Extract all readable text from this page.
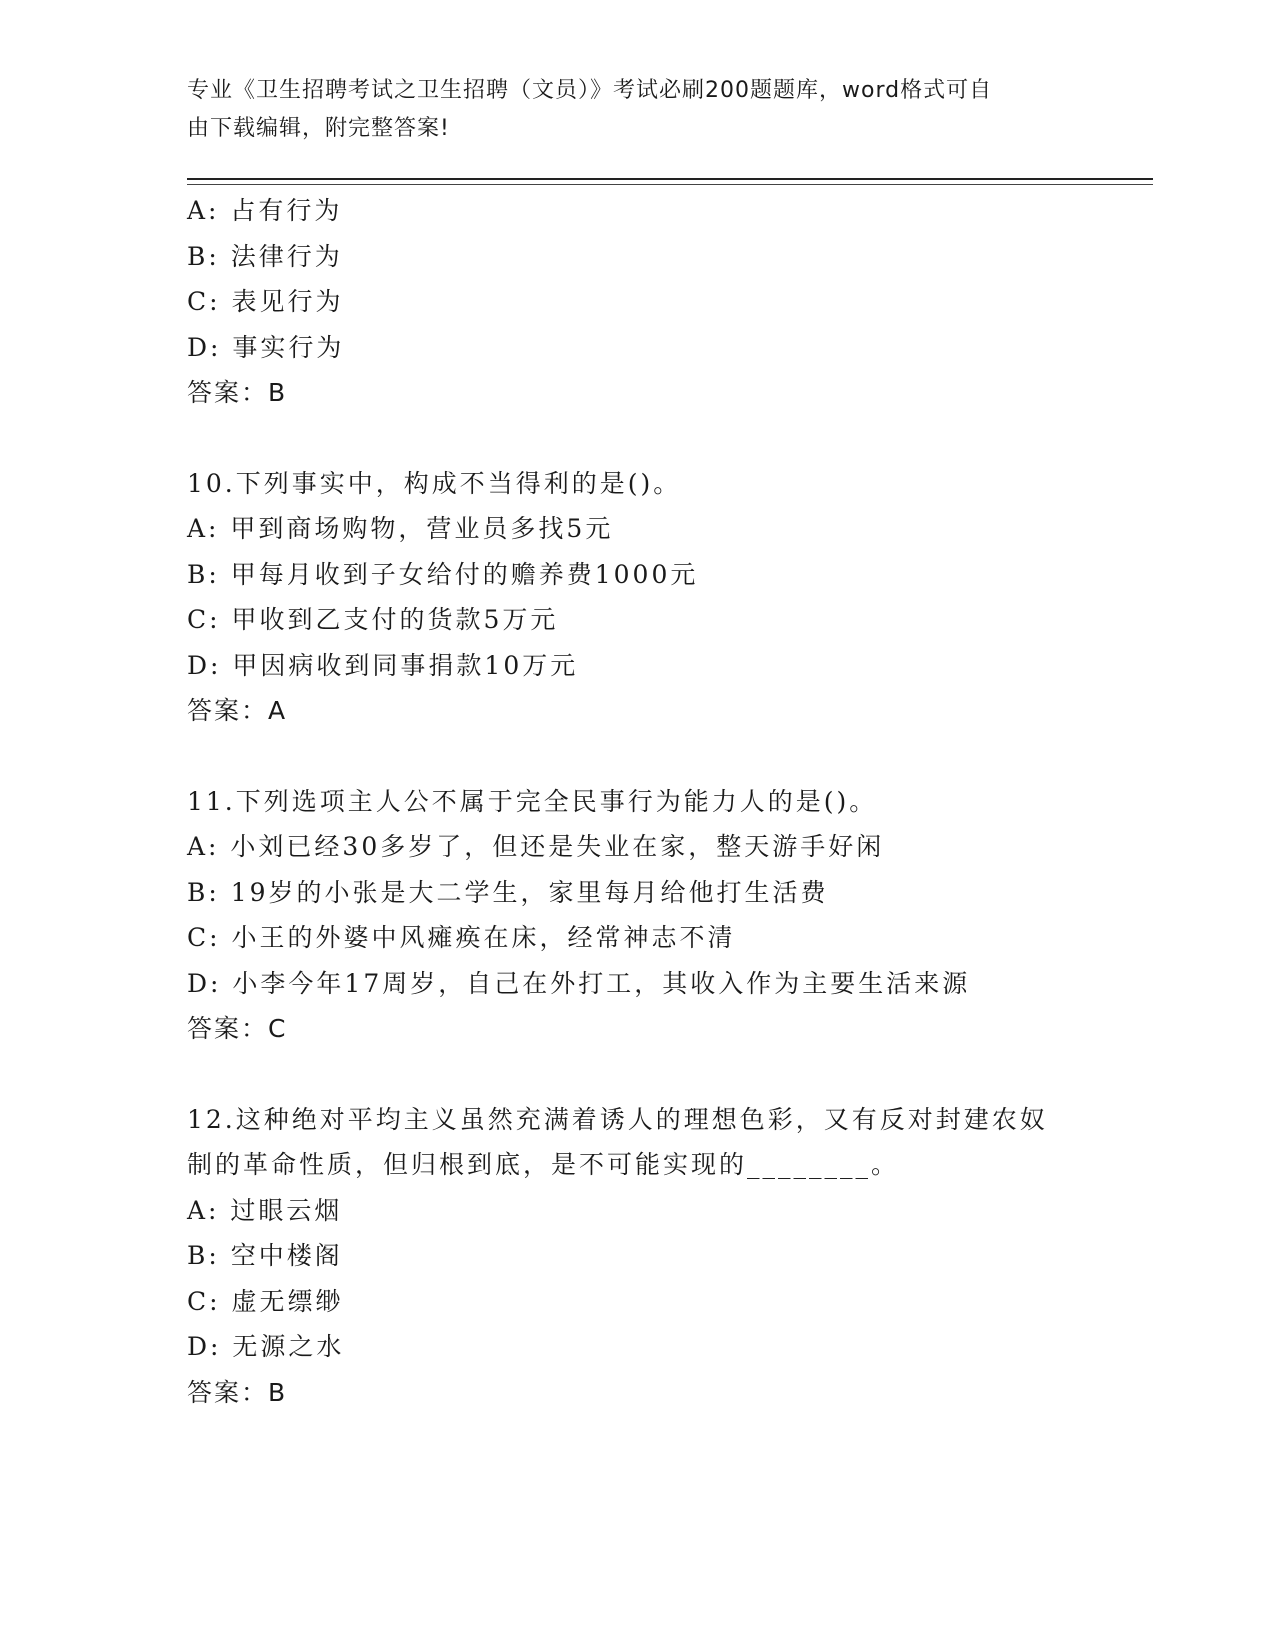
专业《卫生招聘考试之卫生招聘（文员）》考试必刷200题题库，word格式可自
由下载编辑，附完整答案!
A: 占有行为
B: 法律行为
C: 表见行为
D: 事实行为
答案：B
10.下列事实中，构成不当得利的是()。
A: 甲到商场购物，营业员多找5元
B: 甲每月收到子女给付的赡养费1000元
C: 甲收到乙支付的货款5万元
D: 甲因病收到同事捐款10万元
答案：A
11.下列选项主人公不属于完全民事行为能力人的是()。
A: 小刘已经30多岁了，但还是失业在家，整天游手好闲
B: 19岁的小张是大二学生，家里每月给他打生活费
C: 小王的外婆中风瘫痪在床，经常神志不清
D: 小李今年17周岁，自己在外打工，其收入作为主要生活来源
答案：C
12.这种绝对平均主义虽然充满着诱人的理想色彩，又有反对封建农奴
制的革命性质，但归根到底，是不可能实现的________。
A: 过眼云烟
B: 空中楼阁
C: 虚无缥缈
D: 无源之水
答案：B
